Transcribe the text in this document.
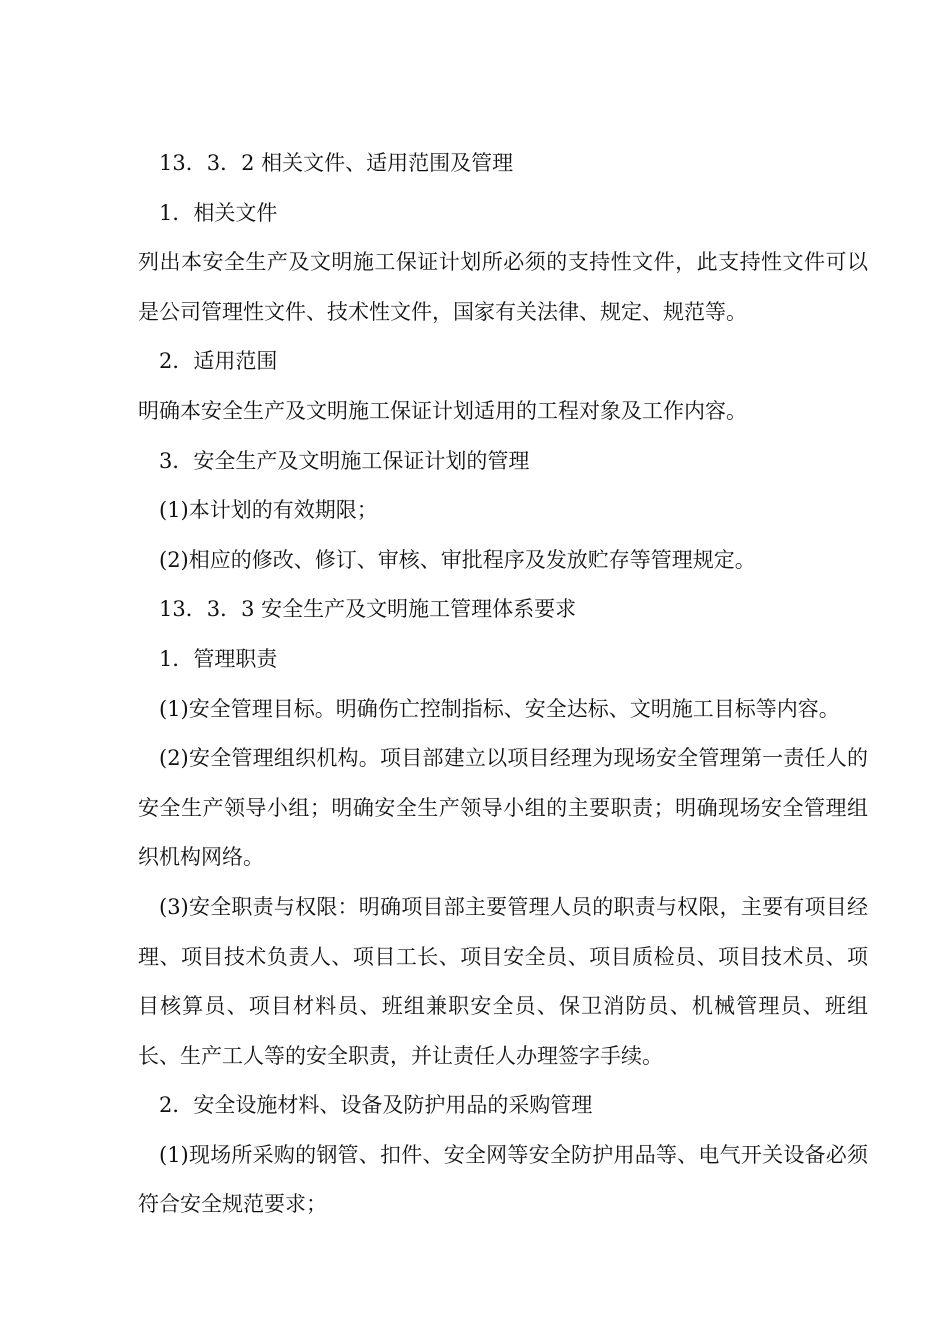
13．3．2 相关文件、适用范围及管理

1．相关文件

列出本安全生产及文明施工保证计划所必须的支持性文件，此支持性文件可以是公司管理性文件、技术性文件，国家有关法律、规定、规范等。

2．适用范围

明确本安全生产及文明施工保证计划适用的工程对象及工作内容。

3．安全生产及文明施工保证计划的管理

(1)本计划的有效期限；

(2)相应的修改、修订、审核、审批程序及发放贮存等管理规定。

13．3．3 安全生产及文明施工管理体系要求

1．管理职责

(1)安全管理目标。明确伤亡控制指标、安全达标、文明施工目标等内容。

(2)安全管理组织机构。项目部建立以项目经理为现场安全管理第一责任人的安全生产领导小组；明确安全生产领导小组的主要职责；明确现场安全管理组织机构网络。

(3)安全职责与权限：明确项目部主要管理人员的职责与权限，主要有项目经理、项目技术负责人、项目工长、项目安全员、项目质检员、项目技术员、项目核算员、项目材料员、班组兼职安全员、保卫消防员、机械管理员、班组长、生产工人等的安全职责，并让责任人办理签字手续。

2．安全设施材料、设备及防护用品的采购管理

(1)现场所采购的钢管、扣件、安全网等安全防护用品等、电气开关设备必须符合安全规范要求；
